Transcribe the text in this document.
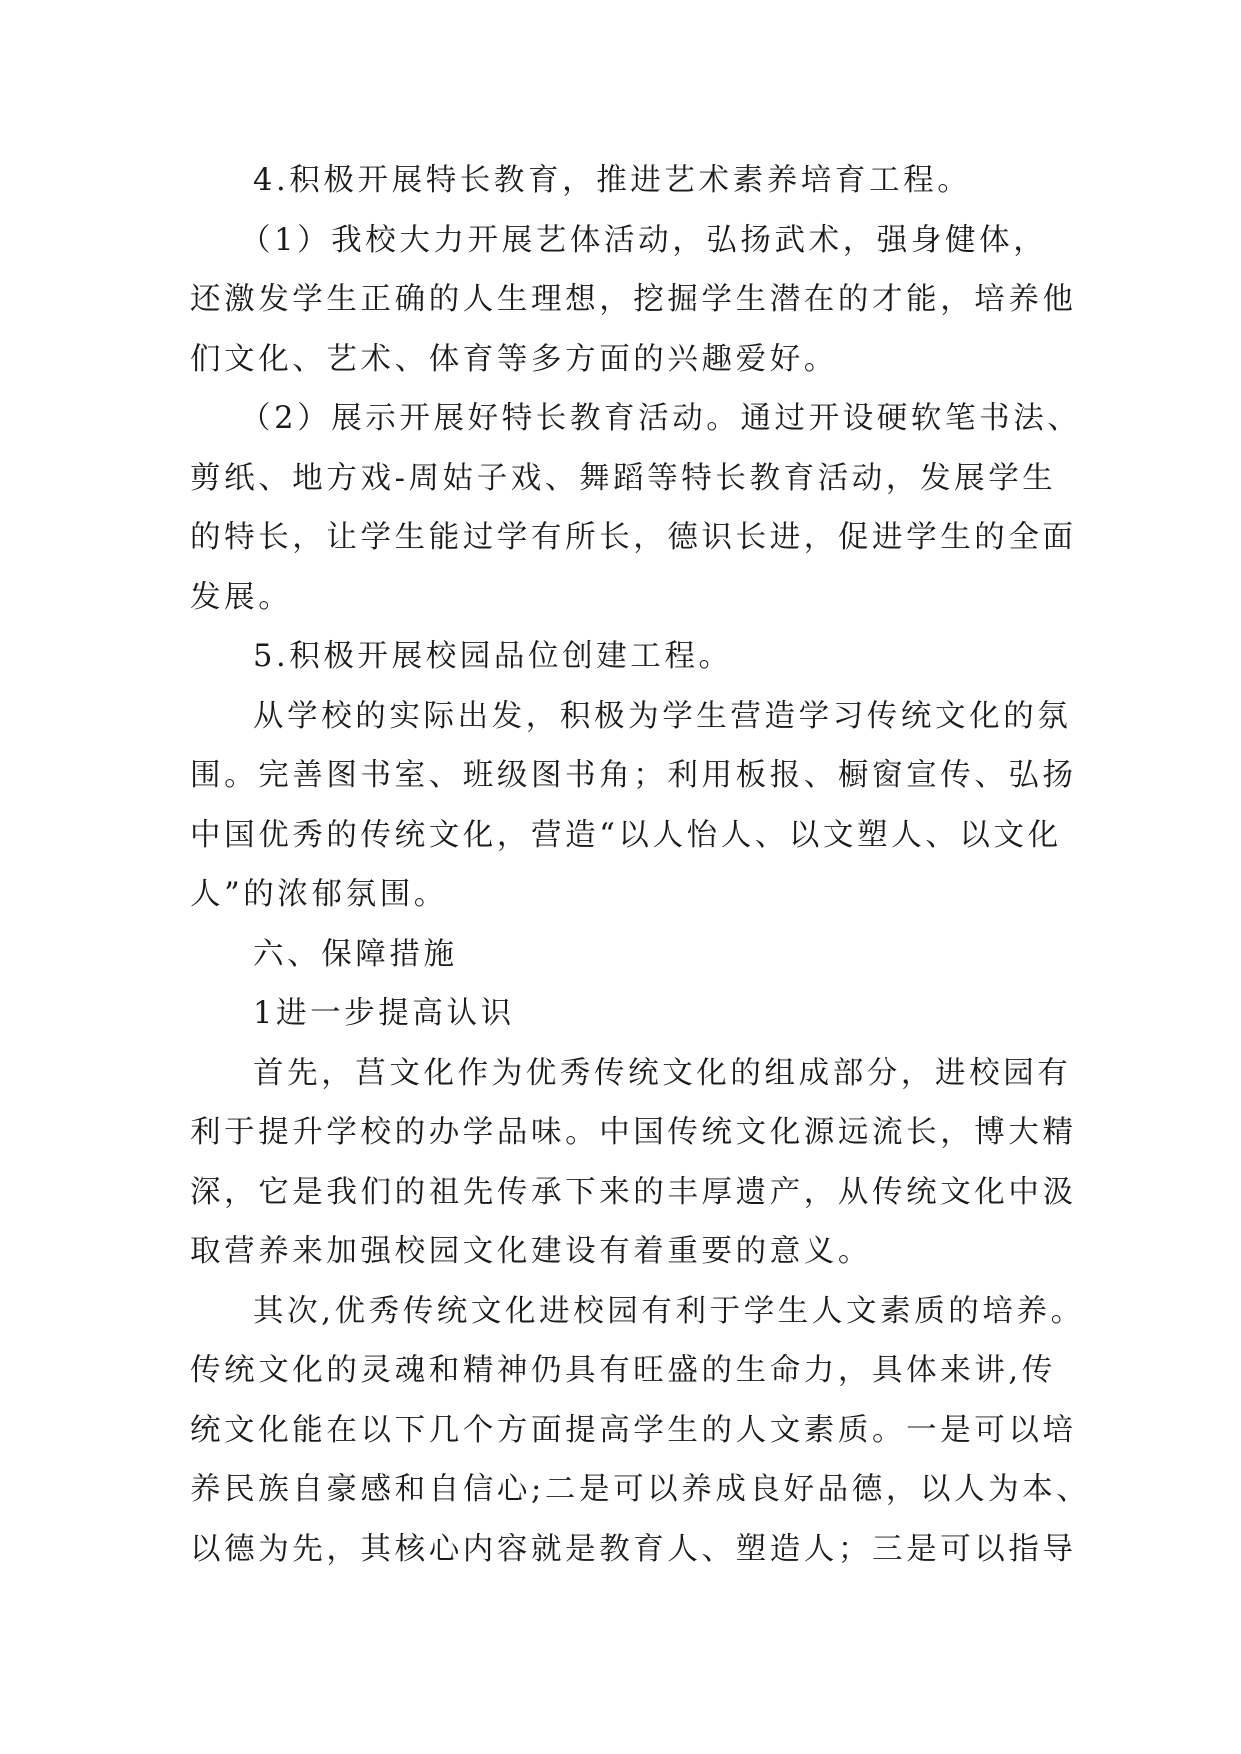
4.积极开展特长教育，推进艺术素养培育工程。
（1）我校大力开展艺体活动，弘扬武术，强身健体，
还激发学生正确的人生理想，挖掘学生潜在的才能，培养他
们文化、艺术、体育等多方面的兴趣爱好。
（2）展示开展好特长教育活动。通过开设硬软笔书法、
剪纸、地方戏-周姑子戏、舞蹈等特长教育活动，发展学生
的特长，让学生能过学有所长，德识长进，促进学生的全面
发展。
5.积极开展校园品位创建工程。
从学校的实际出发，积极为学生营造学习传统文化的氛
围。完善图书室、班级图书角；利用板报、橱窗宣传、弘扬
中国优秀的传统文化，营造“以人怡人、以文塑人、以文化
人”的浓郁氛围。
六、保障措施
1进一步提高认识
首先，莒文化作为优秀传统文化的组成部分，进校园有
利于提升学校的办学品味。中国传统文化源远流长，博大精
深，它是我们的祖先传承下来的丰厚遗产，从传统文化中汲
取营养来加强校园文化建设有着重要的意义。
其次,优秀传统文化进校园有利于学生人文素质的培养。
传统文化的灵魂和精神仍具有旺盛的生命力，具体来讲,传
统文化能在以下几个方面提高学生的人文素质。一是可以培
养民族自豪感和自信心;二是可以养成良好品德，以人为本、
以德为先，其核心内容就是教育人、塑造人；三是可以指导
